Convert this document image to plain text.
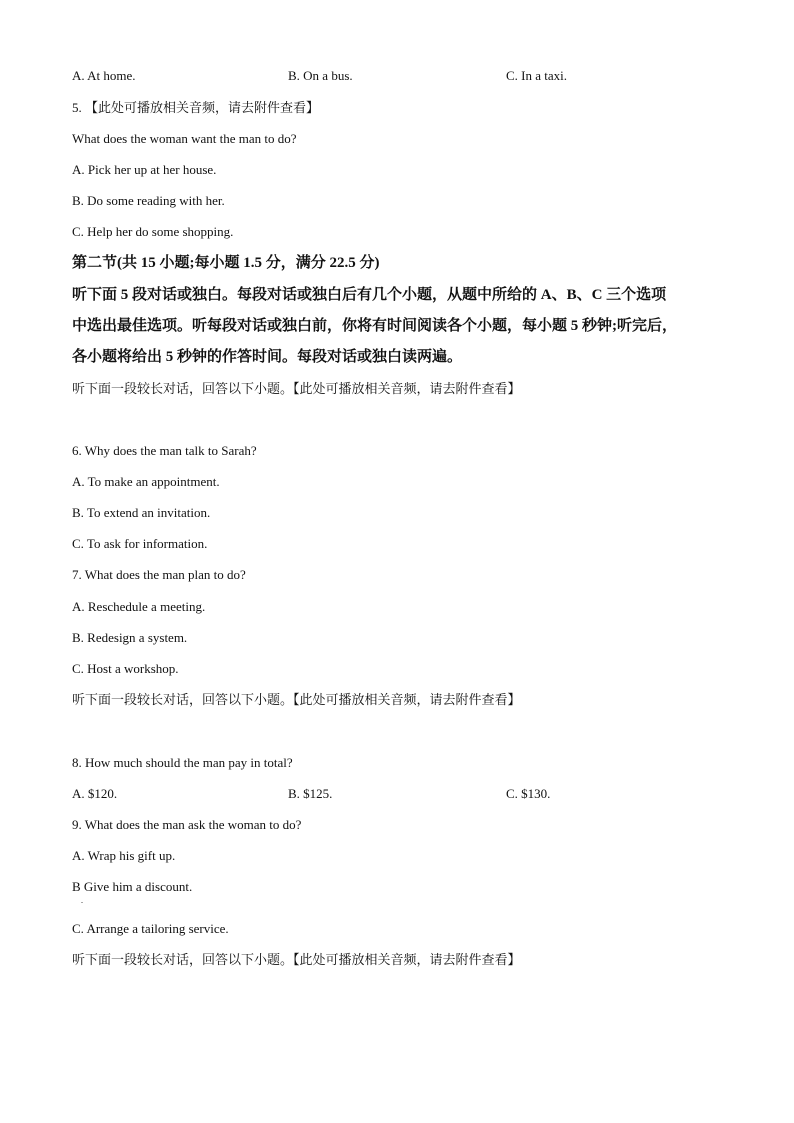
A. At home.	B. On a bus.	C. In a taxi.
5. 【此处可播放相关音频，请去附件查看】
What does the woman want the man to do?
A. Pick her up at her house.
B. Do some reading with her.
C. Help her do some shopping.
第二节(共 15 小题;每小题 1.5 分，满分 22.5 分)
听下面 5 段对话或独白。每段对话或独白后有几个小题，从题中所给的 A、B、C 三个选项
中选出最佳选项。听每段对话或独白前，你将有时间阅读各个小题，每小题 5 秒钟;听完后，
各小题将给出 5 秒钟的作答时间。每段对话或独白读两遍。
听下面一段较长对话，回答以下小题。【此处可播放相关音频，请去附件查看】
6. Why does the man talk to Sarah?
A. To make an appointment.
B. To extend an invitation.
C. To ask for information.
7. What does the man plan to do?
A. Reschedule a meeting.
B. Redesign a system.
C. Host a workshop.
听下面一段较长对话，回答以下小题。【此处可播放相关音频，请去附件查看】
8. How much should the man pay in total?
A. $120.	B. $125.	C. $130.
9. What does the man ask the woman to do?
A. Wrap his gift up.
B Give him a discount.
.
C. Arrange a tailoring service.
听下面一段较长对话，回答以下小题。【此处可播放相关音频，请去附件查看】
